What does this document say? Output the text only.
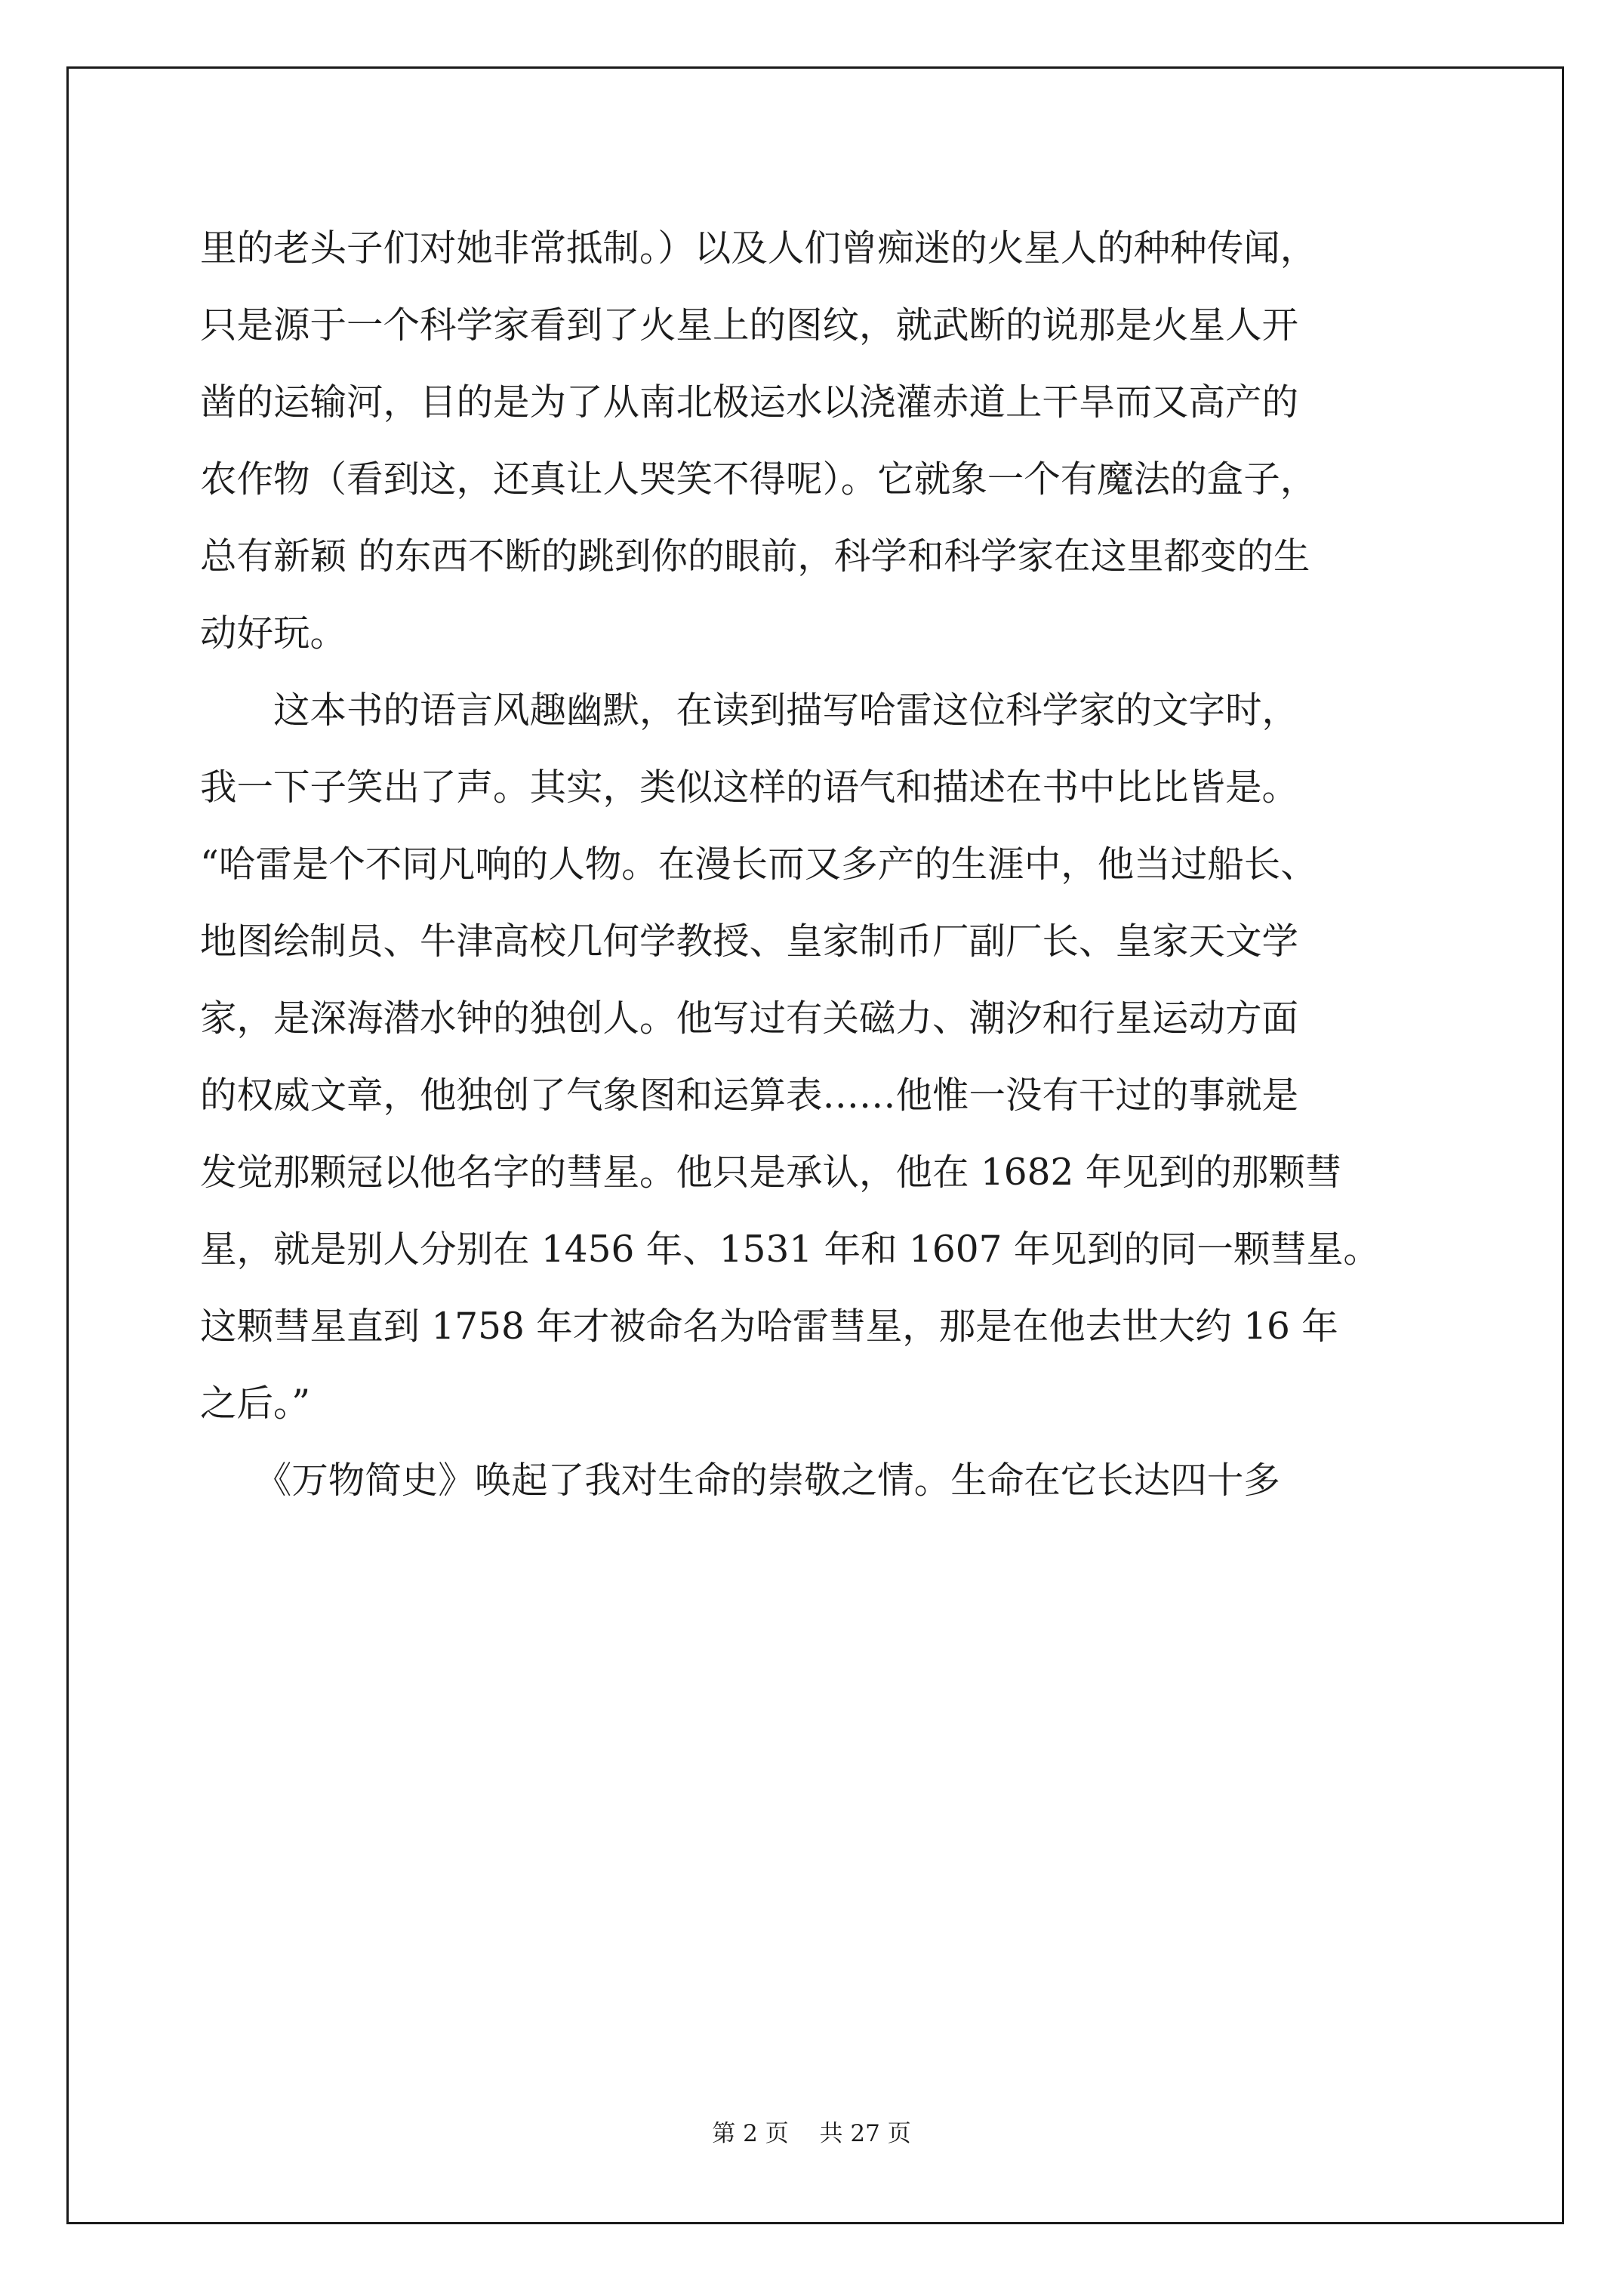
里的老头子们对她非常抵制。）以及人们曾痴迷的火星人的种种传闻，
只是源于一个科学家看到了火星上的图纹，就武断的说那是火星人开
凿的运输河，目的是为了从南北极运水以浇灌赤道上干旱而又高产的
农作物（看到这，还真让人哭笑不得呢）。它就象一个有魔法的盒子，
总有新颖 的东西不断的跳到你的眼前，科学和科学家在这里都变的生
动好玩。
　　这本书的语言风趣幽默，在读到描写哈雷这位科学家的文字时，
我一下子笑出了声。其实，类似这样的语气和描述在书中比比皆是。
“哈雷是个不同凡响的人物。在漫长而又多产的生涯中，他当过船长、
地图绘制员、牛津高校几何学教授、皇家制币厂副厂长、皇家天文学
家，是深海潜水钟的独创人。他写过有关磁力、潮汐和行星运动方面
的权威文章，他独创了气象图和运算表……他惟一没有干过的事就是
发觉那颗冠以他名字的彗星。他只是承认，他在 1682 年见到的那颗彗
星，就是别人分别在 1456 年、1531 年和 1607 年见到的同一颗彗星。
这颗彗星直到 1758 年才被命名为哈雷彗星，那是在他去世大约 16 年
之后。”
　　《万物简史》唤起了我对生命的崇敬之情。生命在它长达四十多
第 2 页　 共 27 页
